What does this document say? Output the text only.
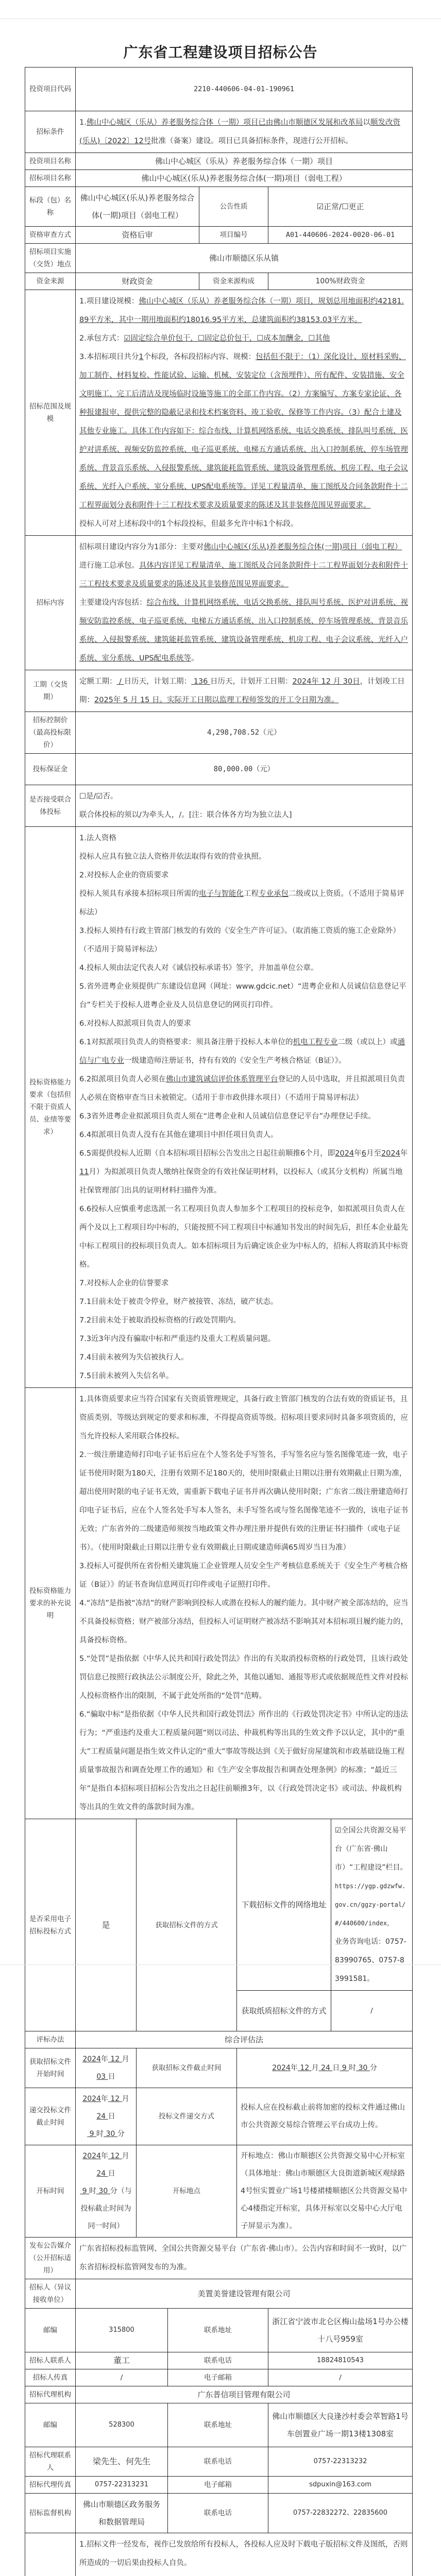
广东省工程建设项目招标公告
投资项目代码	2210-440606-04-01-190961
招标条件	1.佛山中心城区（乐从）养老服务综合体（一期）项目已由佛山市顺德区发展和改革局以顺发改资(乐从)〔2022〕12号批准（备案）建设。项目已具备招标条件，现进行公开招标。
投资项目名称	佛山中心城区（乐从）养老服务综合体（一期）项目
招标项目名称	佛山中心城区(乐从)养老服务综合体(一期)项目（弱电工程）
标段（包）名称	佛山中心城区(乐从)养老服务综合体(一期)项目（弱电工程）	公告性质	☑正常/☐更正
资格审查方式	资格后审	项目编号	A01-440606-2024-0020-06-01
招标项目实施（交货）地点	佛山市顺德区乐从镇
资金来源	财政资金	资金来源构成	100%财政资金
招标范围及规模	

1.项目建设规模：佛山中心城区（乐从）养老服务综合体（一期）项目，规划总用地面积约42181.89平方米，其中一期用地面积约18016.95平方米，总建筑面积约38153.03平方米。

2.承包方式：☑固定综合单价包干，☐固定总价包干，☐成本加酬金，☐其他

3.本招标项目共分1个标段，各标段招标内容、规模：包括但不限于：（1）深化设计、原材料采购、加工制作、材料复检、性能试验、运输、机械、安装定位（含预埋件）、所有配件、安装措施、安全文明施工、完工后清洁及现场临时设施等施工的全部工作内容。（2）方案编写、方案专家论证、各种报建报审、提供完整的隐蔽记录和技术档案资料、竣工验收、保修等工作内容。（3）配合土建及其他专业施工。具体工作内容如下：综合布线、计算机网络系统、电话交换系统、排队叫号系统、医护对讲系统、视频安防监控系统、电子巡更系统、电梯五方通话系统、出入口控制系统、停车场管理系统、背景音乐系统、入侵报警系统、建筑能耗监管系统、建筑设备管理系统、机房工程、电子会议系统、光纤入户系统、室分系统、UPS配电系统等。详见工程量清单、施工图纸及合同条款附件十二工程界面划分表和附件十三工程技术要求及质量要求的陈述及其非装修范围见界面要求。

投标人可对上述标段中的1个标段投标，但最多允许中标1个标段。

招标内容	

招标项目建设内容分为1部分：主要对佛山中心城区(乐从)养老服务综合体(一期)项目（弱电工程）进行施工总承包。具体内容详见工程量清单、施工图纸及合同条款附件十二工程界面划分表和附件十三工程技术要求及质量要求的陈述及其非装修范围见界面要求。

主要建设内容包括：综合布线、计算机网络系统、电话交换系统、排队叫号系统、医护对讲系统、视频安防监控系统、电子巡更系统、电梯五方通话系统、出入口控制系统、停车场管理系统、背景音乐系统、入侵报警系统、建筑能耗监管系统、建筑设备管理系统、机房工程、电子会议系统、光纤入户系统、室分系统、UPS配电系统等。

工期（交货期）	定额工期： / 日历天，计划工期： 136 日历天，计划开工日期：2024年 12 月 30日，计划竣工日期：2025年 5 月 15 日。实际开工日期以监理工程师签发的开工令日期为准。
招标控制价（最高投标限价）	4,298,708.52（元）
投标保证金	80,000.00（元）
是否接受联合体投标	

☐是/☑否。

联合体投标的须以/为牵头人，/。[注：联合体各方均为独立法人]

投标资格能力要求（包括但不限于资质人员、业绩等要求）	

1.法人资格

投标人应具有独立法人资格并依法取得有效的营业执照。

2.对投标人企业的资质要求

投标人须具有承接本招标项目所需的电子与智能化工程专业承包二级或以上资质。（不适用于简易评标法）

3.投标人须持有行政主管部门核发的有效的《安全生产许可证》。（取消施工资质的施工企业除外）（不适用于简易评标法）

4.投标人须由法定代表人对《诚信投标承诺书》签字，并加盖单位公章。

5.省外进粤企业须提供广东建设信息网（网址：www.gdcic.net）“进粤企业和人员诚信信息登记平台”专栏关于投标人进粤企业及人员信息登记的网页打印件。

6.对投标人拟派项目负责人的要求

6.1对拟派项目负责人的资格要求：须具备注册于投标人本单位的机电工程专业二级（或以上）或通信与广电专业一级建造师注册证书，持有有效的《安全生产考核合格证（B证）》。

6.2拟派项目负责人必须在佛山市建筑诚信评价体系管理平台登记的人员中选取，并且拟派项目负责人必须在资格审查当日未被锁定。（适用于非市政供排水项目）（不适用于简易评标法）

6.3省外进粤企业拟派项目负责人须在“进粤企业和人员诚信信息登记平台”办理登记手续。

6.4拟派项目负责人没有在其他在建项目中担任项目负责人。

6.5需提供投标人近期（自本招标项目招标公告发出之日起往前顺推6个月，即2024年6月至2024年11月）为拟派项目负责人缴纳社保资金的有效社保证明材料，以投标人（或其分支机构）所属当地社保管理部门出具的证明材料扫描件为准。

6.6投标人应慎重考虑选派一名工程项目负责人参加多个工程项目的投标竞争，如拟派项目负责人在两个及以上工程项目均中标的，只能按照不同工程项目中标通知书发出的时间先后，担任本企业最先中标工程项目的投标项目负责人。如本招标项目为后确定该企业为中标人的，招标人将取消其中标资格。

7.对投标人企业的信誉要求

7.1目前未处于被责令停业，财产被接管、冻结，破产状态。

7.2目前未处于被取消投标资格的行政处罚期内。

7.3近3年内没有骗取中标和严重违约及重大工程质量问题。

7.4目前未被列为失信被执行人。

7.5目前未被列入失信名单。

投标资格能力要求的补充说明	

1.具体资质要求应当符合国家有关资质管理规定，具备行政主管部门核发的合法有效的资质证书，且资质类别、等级达到规定的要求和标准，不得提高资质等级。招标项目要求同时具备多项资质的，应当允许投标人采用联合体投标。

2.一级注册建造师打印电子证书后应在个人签名处手写签名，手写签名应与签名图像笔迹一致，电子证书使用时限为180天，注册有效期不足180天的，使用时限截止日期以注册有效期截止日期为准，超出使用时限的电子证书无效，需重新下载电子证书并再次确认使用时限；广东省二级注册建造师打印电子证书后，应在个人签名处手写本人签名，未手写签名或与签名图像笔迹不一致的，该电子证书无效；广东省外的二级建造师须按当地政策文件办理注册并提供有效的注册证书扫描件（或电子证书）。（使用时限截止日期以注册专业有效期截止日期或建造师满65周岁当日为准）

3.投标人可提供所在省份相关建筑施工企业管理人员安全生产考核信息系统关于《安全生产考核合格证（B证）》的证书查询信息网页打印件或电子证照打印件。

4.“冻结”是指被“冻结”的财产影响到投标人或潜在投标人的履约能力。其中财产被全部冻结的，应当不具备投标资格；财产被部分冻结，但投标人可证明财产被冻结不影响其对本招标项目履约能力的，具备投标资格。

5.“处罚”是指依据《中华人民共和国行政处罚法》作出的有关取消投标资格的行政处罚，且该行政处罚信息已按照行政执法公示制度公开，除此之外，其他以通知、通报等形式或依据规范性文件对投标人投标资格作出的限制，不属于此处所指的“处罚”范畴。

6.“骗取中标”是指依据《中华人民共和国行政处罚法》所作出的《行政处罚决定书》中所认定的违法行为；“严重违约及重大工程质量问题”则以司法、仲裁机构等出具的生效文件予以认定，其中的“重大”工程质量问题是指生效文件认定的“重大”事故等级达到《关于做好房屋建筑和市政基础设施工程质量事故报告和调查处理工作的通知》和《生产安全事故报告和调查处理条例》的标准；“最近三年”是指自本招标项目招标公告发出之日起往前顺推3年，以《行政处罚决定书》或司法、仲裁机构等出具的生效文件的落款时间为准。

是否采用电子招标投标方式	是	获取招标文件的方式	下载招标文件的网络地址	

☑全国公共资源交易平台（广东省·佛山市）“工程建设”栏目。

https://ygp.gdzwfw.gov.cn/ggzy-portal/#/440600/index，

业务咨询电话：0757-83990765、0757-83991581。

获取纸质招标文件的方式	/
评标办法	综合评估法
获取招标文件开始时间	2024年 12 月 03 日	获取招标文件截止时间	2024年 12 月 24 日 9 时 30 分
递交投标文件截止时间	2024年 12 月 24 日
9 时 30 分	投标文件递交方式	投标人应在投标截止前将加密的投标文件通过佛山市公共资源交易综合管理云平台成功上传。
开标时间	2024年 12 月 24 日
9 时 30 分（与投标截止时间为同一时间）	开标地点	开标地点：佛山市顺德区公共资源交易中心开标室（具体地址：佛山市顺德区大良街道新城区观绿路4号恒实置业广场1号楼裙楼顺德区公共资源交易中心4楼指定开标室，具体开标室以交易中心大厅电子屏显示为准）。
发布公告媒介（公开招标适用）	广东省招标投标监管网、全国公共资源交易平台（广东省·佛山市）。公告内容和时间不一致时，以广东省招标投标监管网发布的为准。
招标人（异议接收单位）	美置美誉建设管理有限公司
邮编	315800	联系地址	浙江省宁波市北仑区梅山盐场1号办公楼十八号959室
招标人联系人	董工	联系电话	18824810543
招标人传真	/	电子邮箱	/
招标代理机构	广东普信项目管理有限公司
邮编	528300	联系地址	佛山市顺德区大良逢沙村委会萃智路1号车创置业广场一期13楼1308室
招标代理联系人	梁先生、何先生	联系电话	0757-22313232
招标代理传真	0757-22313231	电子邮箱	sdpuxin@163.com
招标监督机构	佛山市顺德区政务服务和数据管理局	联系电话	0757-22832272、22835600

1.招标文件一经发布，视作已发放给所有投标人，各投标人应及时下载电子版招标文件及图纸，否则所造成的一切后果由投标人自负。
